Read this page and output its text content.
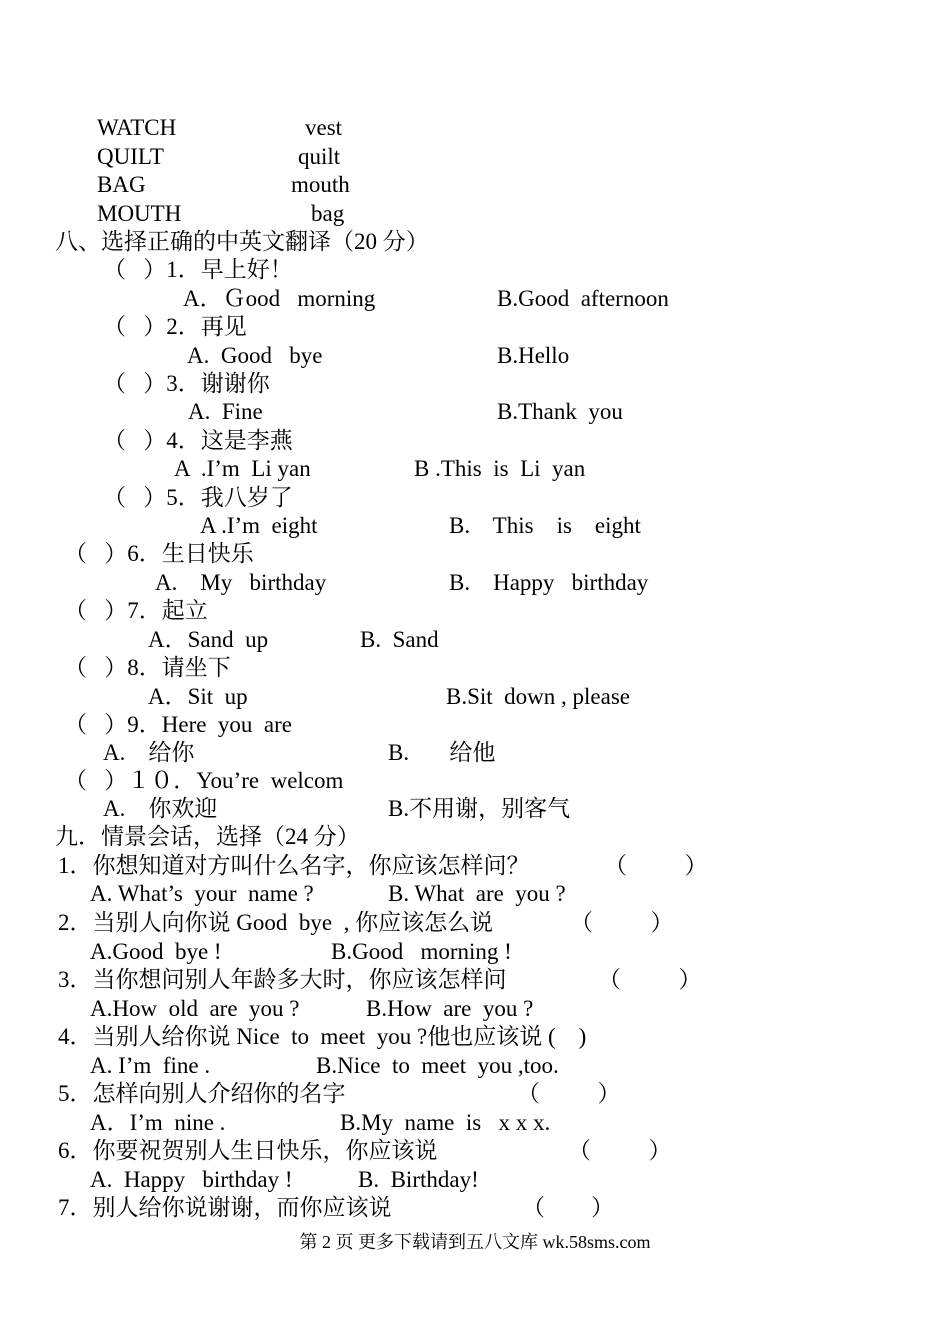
WATCH	vest
QUILT	quilt
BAG	mouth
MOUTH	bag
八、选择正确的中英文翻译（20 分）
（   ）1．早上好！
A．Ｇood   morning	B.Good  afternoon
（   ）2．再见
A.  Good   bye	B.Hello
（   ）3．谢谢你
A.  Fine	B.Thank  you
（   ）4．这是李燕
A  .I’m  Li yan	B .This  is  Li  yan
（   ）5．我八岁了
A .I’m  eight	B.    This    is    eight
（   ）6．生日快乐
A.    My   birthday	B.    Happy   birthday
（   ）7．起立
A．Sand  up	B.  Sand
（   ）8．请坐下
A．Sit  up	B.Sit  down , please
（   ）9．Here  you  are
A.    给你	B.       给他
（   ）１０．You’re  welcom
A.    你欢迎	B.不用谢，别客气
九．情景会话，选择（24 分）
1．你想知道对方叫什么名字，你应该怎样问？	（          ）
A. What’s  your  name ?	B. What  are  you ?
2．当别人向你说 Good  bye  , 你应该怎么说	（          ）
A.Good  bye !	B.Good   morning !
3．当你想问别人年龄多大时，你应该怎样问	（          ）
A.How  old  are  you ?	B.How  are  you ?
4．当别人给你说 Nice  to  meet  you ?他也应该说 (    )
A. I’m  fine .	B.Nice  to  meet  you ,too.
5．怎样向别人介绍你的名字	（          ）
A．I’m  nine .	B.My  name  is   x x x.
6．你要祝贺别人生日快乐，你应该说	（          ）
A.  Happy   birthday !	B.  Birthday!
7．别人给你说谢谢，而你应该说	（        ）
第 2 页 更多下载请到五八文库 wk.58sms.com
